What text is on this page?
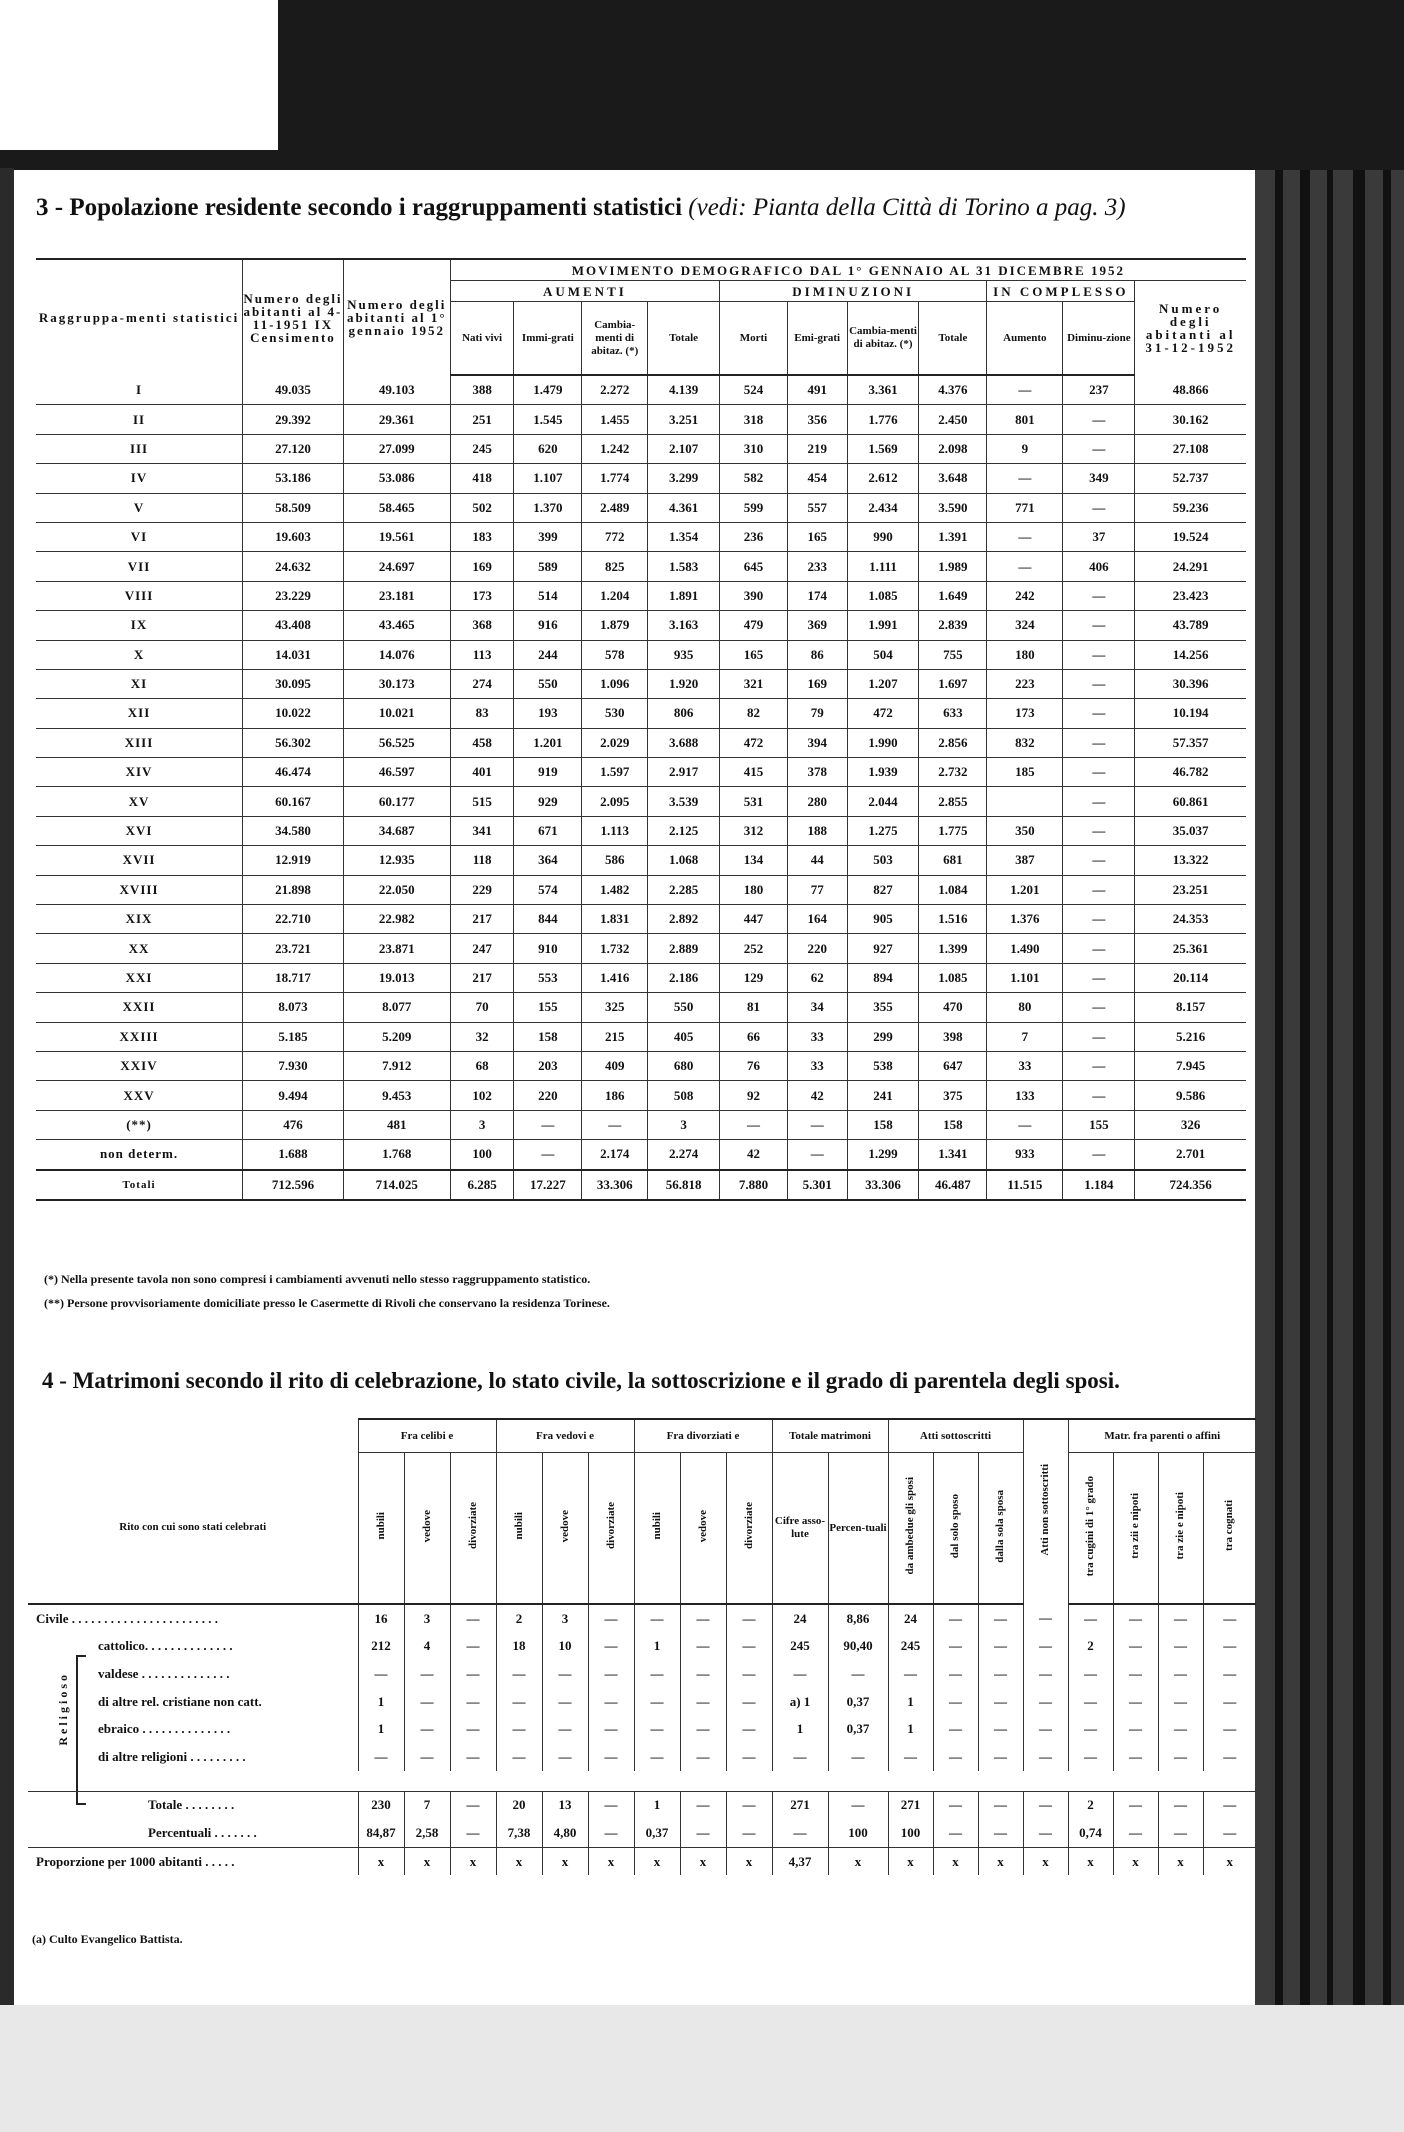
3 - Popolazione residente secondo i raggruppamenti statistici (vedi: Pianta della Città di Torino a pag. 3)
Raggruppa-menti statistici	Numero degli abitanti al 4-11-1951 IX Censimento	Numero degli abitanti al 1° gennaio 1952	MOVIMENTO DEMOGRAFICO DAL 1° GENNAIO AL 31 DICEMBRE 1952										
			AUMENTI				DIMINUZIONI				IN COMPLESSO		Numero degli abitanti al 31-12-1952
			Nati vivi	Immi-grati	Cambia-menti di abitaz. (*)	Totale	Morti	Emi-grati	Cambia-menti di abitaz. (*)	Totale	Aumento	Diminu-zione	
I	49.035	49.103	388	1.479	2.272	4.139	524	491	3.361	4.376	—	237	48.866
II	29.392	29.361	251	1.545	1.455	3.251	318	356	1.776	2.450	801	—	30.162
III	27.120	27.099	245	620	1.242	2.107	310	219	1.569	2.098	9	—	27.108
IV	53.186	53.086	418	1.107	1.774	3.299	582	454	2.612	3.648	—	349	52.737
V	58.509	58.465	502	1.370	2.489	4.361	599	557	2.434	3.590	771	—	59.236
VI	19.603	19.561	183	399	772	1.354	236	165	990	1.391	—	37	19.524
VII	24.632	24.697	169	589	825	1.583	645	233	1.111	1.989	—	406	24.291
VIII	23.229	23.181	173	514	1.204	1.891	390	174	1.085	1.649	242	—	23.423
IX	43.408	43.465	368	916	1.879	3.163	479	369	1.991	2.839	324	—	43.789
X	14.031	14.076	113	244	578	935	165	86	504	755	180	—	14.256
XI	30.095	30.173	274	550	1.096	1.920	321	169	1.207	1.697	223	—	30.396
XII	10.022	10.021	83	193	530	806	82	79	472	633	173	—	10.194
XIII	56.302	56.525	458	1.201	2.029	3.688	472	394	1.990	2.856	832	—	57.357
XIV	46.474	46.597	401	919	1.597	2.917	415	378	1.939	2.732	185	—	46.782
XV	60.167	60.177	515	929	2.095	3.539	531	280	2.044	2.855		—	60.861
XVI	34.580	34.687	341	671	1.113	2.125	312	188	1.275	1.775	350	—	35.037
XVII	12.919	12.935	118	364	586	1.068	134	44	503	681	387	—	13.322
XVIII	21.898	22.050	229	574	1.482	2.285	180	77	827	1.084	1.201	—	23.251
XIX	22.710	22.982	217	844	1.831	2.892	447	164	905	1.516	1.376	—	24.353
XX	23.721	23.871	247	910	1.732	2.889	252	220	927	1.399	1.490	—	25.361
XXI	18.717	19.013	217	553	1.416	2.186	129	62	894	1.085	1.101	—	20.114
XXII	8.073	8.077	70	155	325	550	81	34	355	470	80	—	8.157
XXIII	5.185	5.209	32	158	215	405	66	33	299	398	7	—	5.216
XXIV	7.930	7.912	68	203	409	680	76	33	538	647	33	—	7.945
XXV	9.494	9.453	102	220	186	508	92	42	241	375	133	—	9.586
(**)	476	481	3	—	—	3	—	—	158	158	—	155	326
non determ.	1.688	1.768	100	—	2.174	2.274	42	—	1.299	1.341	933	—	2.701
Totali	712.596	714.025	6.285	17.227	33.306	56.818	7.880	5.301	33.306	46.487	11.515	1.184	724.356
(*) Nella presente tavola non sono compresi i cambiamenti avvenuti nello stesso raggruppamento statistico.
(**) Persone provvisoriamente domiciliate presso le Casermette di Rivoli che conservano la residenza Torinese.
4 - Matrimoni secondo il rito di celebrazione, lo stato civile, la sottoscrizione e il grado di parentela degli sposi.
Religioso
	Fra celibi e			Fra vedovi e			Fra divorziati e			Totale matrimoni		Atti sottoscritti			Atti non sottoscritti	Matr. fra parenti o affini			
Rito con cui sono stati celebrati	nubili	vedove	divorziate	nubili	vedove	divorziate	nubili	vedove	divorziate	Cifre asso-lute	Percen-tuali	da ambedue gli sposi	dal solo sposo	dalla sola sposa		tra cugini di 1° grado	tra zii e nipoti	tra zie e nipoti	tra cognati
Civile . . . . . . . . . . . . . . . . . . . . . . .	16	3	—	2	3	—	—	—	—	24	8,86	24	—	—	—	—	—	—	—
cattolico. . . . . . . . . . . . . .	212	4	—	18	10	—	1	—	—	245	90,40	245	—	—	—	2	—	—	—
valdese . . . . . . . . . . . . . .	—	—	—	—	—	—	—	—	—	—	—	—	—	—	—	—	—	—	—
di altre rel. cristiane non catt.	1	—	—	—	—	—	—	—	—	a) 1	0,37	1	—	—	—	—	—	—	—
ebraico . . . . . . . . . . . . . .	1	—	—	—	—	—	—	—	—	1	0,37	1	—	—	—	—	—	—	—
di altre religioni . . . . . . . . .	—	—	—	—	—	—	—	—	—	—	—	—	—	—	—	—	—	—	—

Totale . . . . . . . .	230	7	—	20	13	—	1	—	—	271	—	271	—	—	—	2	—	—	—
Percentuali . . . . . . .	84,87	2,58	—	7,38	4,80	—	0,37	—	—	—	100	100	—	—	—	0,74	—	—	—
Proporzione per 1000 abitanti . . . . .	x	x	x	x	x	x	x	x	x	4,37	x	x	x	x	x	x	x	x	x
(a) Culto Evangelico Battista.
